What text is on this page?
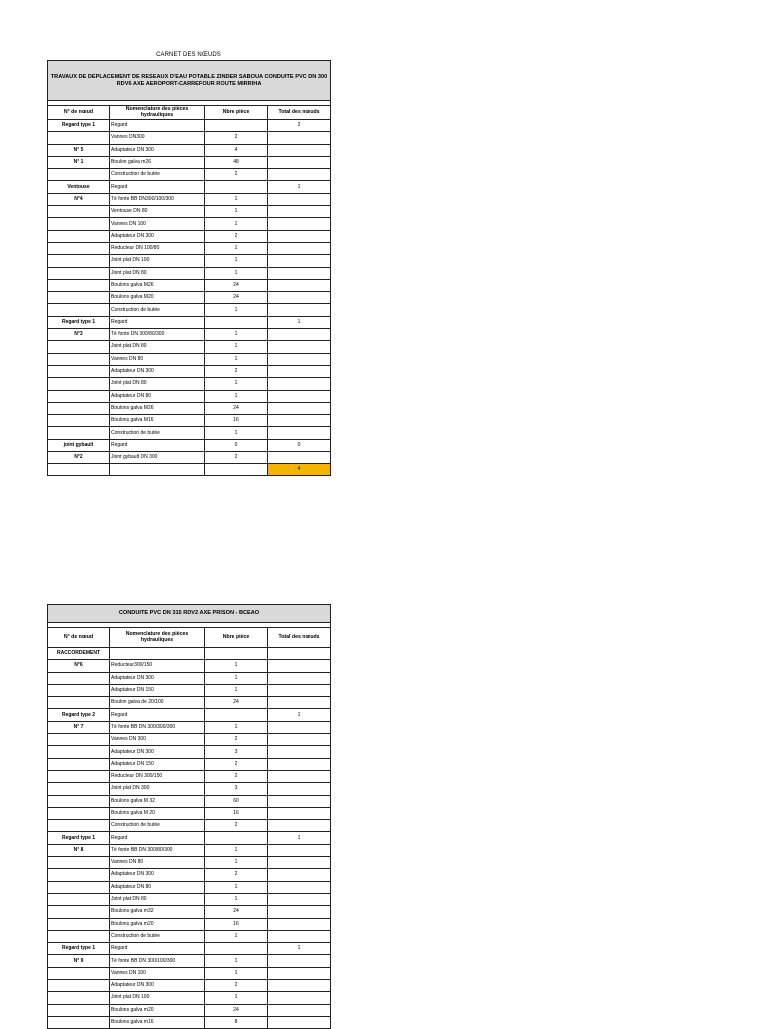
CARNET DES NŒUDS
TRAVAUX DE DEPLACEMENT DE RESEAUX D'EAU POTABLE ZINDER SABOUA CONDUITE PVC DN 300 RDV6 AXE AEROPORT-CARREFOUR ROUTE MIRRIHA			

N° de nœud	Nomenclature des pièces hydrauliques	Nbre pièce	Total des nœuds
Regard type 1	Regard		2
	Vannes DN300	2	
N° 5	Adaptateur DN 300	4	
N° 1	Boulon galva m26	48	
	Construction de butée	2	
Ventouse	Regard		1
N°4	Té fonte BB DN300/100/300	1	
	Ventouse DN 80	1	
	Vannes DN 100	1	
	Adaptateur DN 300	2	
	Reducteur DN 100/80	1	
	Joint plat DN 100	1	
	Joint plat DN 80	1	
	Boulons galva M26	24	
	Boulons galva M20	24	
	Construction de butée	1	
Regard type 1	Regard		1
N°3	Té fonte DN 300/80/300	1	
	Joint plat DN 80	1	
	Vannes DN 80	1	
	Adaptateur DN 300	2	
	Joint plat DN 80	1	
	Adaptateur DN 80	1	
	Boulons galva M26	24	
	Boulons galva M16	16	
	Construction de butée	1	
joint gybault	Regard	0	0
N°2	Joint gybault DN 300	2	
			4
CONDUITE PVC DN 315 RDV2 AXE PRISON - BCEAO			

N° de nœud	Nomenclature des pièces hydrauliques	Nbre pièce	Total des nœuds
RACCORDEMENT			
N°6	Reducteur300/150	1	
	Adaptateur DN 300	1	
	Adaptateur DN 150	1	
	Boulon galva de 20/100	24	
Regard type 2	Regard		1
N° 7	Té fonte BB DN 300/300/300	1	
	Vannes DN 300	2	
	Adaptateur DN 300	3	
	Adaptateur DN 150	2	
	Reducteur DN 300/150	2	
	Joint plat DN 300	3	
	Boulons galva M 32	60	
	Boulons galva M 20	16	
	Construction de butée	2	
Regard type 1	Regard		1
N° 8	Té fonte BB DN 300/80/300	1	
	Vannes DN 80	1	
	Adaptateur DN 300	2	
	Adaptateur DN 80	1	
	Joint plat DN 80	1	
	Boulons galva m32	24	
	Boulons galva m20	16	
	Construction de butée	1	
Regard type 1	Regard		1
N° 9	Té fonte BB DN 300/100/300	1	
	Vannes DN 100	1	
	Adaptateur DN 300	2	
	Joint plat DN 100	1	
	Boulons galva m20	24	
	Boulons galva m16	8	
